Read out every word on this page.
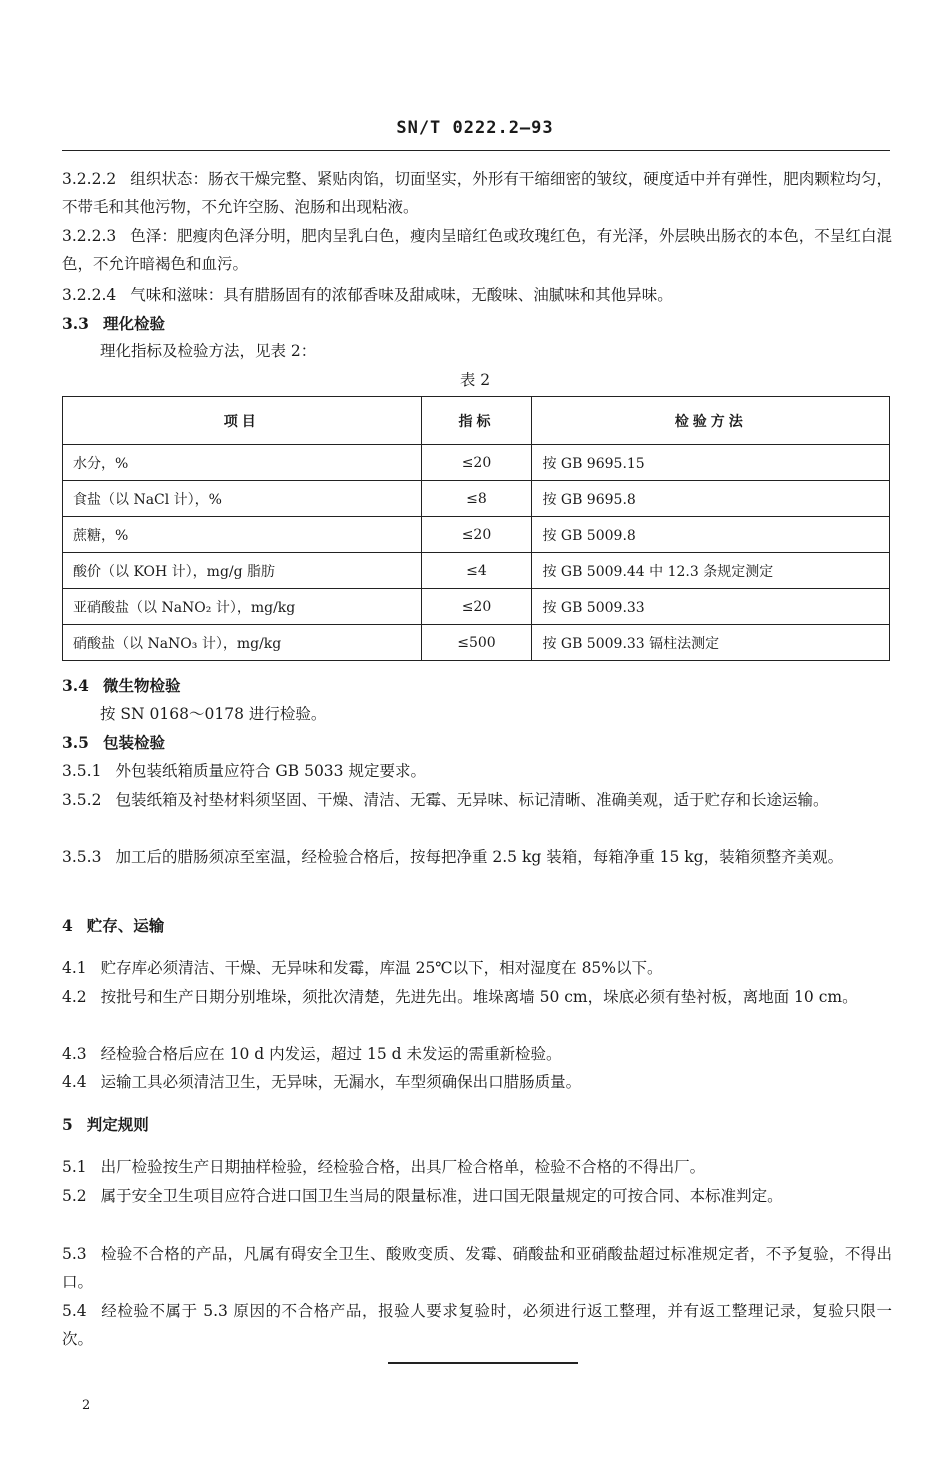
SN/T 0222.2—93
3.2.2.2 组织状态：肠衣干燥完整、紧贴肉馅，切面坚实，外形有干缩细密的皱纹，硬度适中并有弹性，肥肉颗粒均匀，不带毛和其他污物，不允许空肠、泡肠和出现粘液。
3.2.2.3 色泽：肥瘦肉色泽分明，肥肉呈乳白色，瘦肉呈暗红色或玫瑰红色，有光泽，外层映出肠衣的本色，不呈红白混色，不允许暗褐色和血污。
3.2.2.4 气味和滋味：具有腊肠固有的浓郁香味及甜咸味，无酸味、油腻味和其他异味。
3.3 理化检验
理化指标及检验方法，见表 2：
表 2
项目	指标	检验方法
水分，%	≤20	按 GB 9695.15
食盐（以 NaCl 计），%	≤8	按 GB 9695.8
蔗糖，%	≤20	按 GB 5009.8
酸价（以 KOH 计），mg/g 脂肪	≤4	按 GB 5009.44 中 12.3 条规定测定
亚硝酸盐（以 NaNO₂ 计），mg/kg	≤20	按 GB 5009.33
硝酸盐（以 NaNO₃ 计），mg/kg	≤500	按 GB 5009.33 镉柱法测定
3.4 微生物检验
按 SN 0168～0178 进行检验。
3.5 包装检验
3.5.1 外包装纸箱质量应符合 GB 5033 规定要求。
3.5.2 包装纸箱及衬垫材料须坚固、干燥、清洁、无霉、无异味、标记清晰、准确美观，适于贮存和长途运输。
3.5.3 加工后的腊肠须凉至室温，经检验合格后，按每把净重 2.5 kg 装箱，每箱净重 15 kg，装箱须整齐美观。
4 贮存、运输
4.1 贮存库必须清洁、干燥、无异味和发霉，库温 25℃以下，相对湿度在 85%以下。
4.2 按批号和生产日期分别堆垛，须批次清楚，先进先出。堆垛离墙 50 cm，垛底必须有垫衬板，离地面 10 cm。
4.3 经检验合格后应在 10 d 内发运，超过 15 d 未发运的需重新检验。
4.4 运输工具必须清洁卫生，无异味，无漏水，车型须确保出口腊肠质量。
5 判定规则
5.1 出厂检验按生产日期抽样检验，经检验合格，出具厂检合格单，检验不合格的不得出厂。
5.2 属于安全卫生项目应符合进口国卫生当局的限量标准，进口国无限量规定的可按合同、本标准判定。
5.3 检验不合格的产品，凡属有碍安全卫生、酸败变质、发霉、硝酸盐和亚硝酸盐超过标准规定者，不予复验，不得出口。
5.4 经检验不属于 5.3 原因的不合格产品，报验人要求复验时，必须进行返工整理，并有返工整理记录，复验只限一次。
2
